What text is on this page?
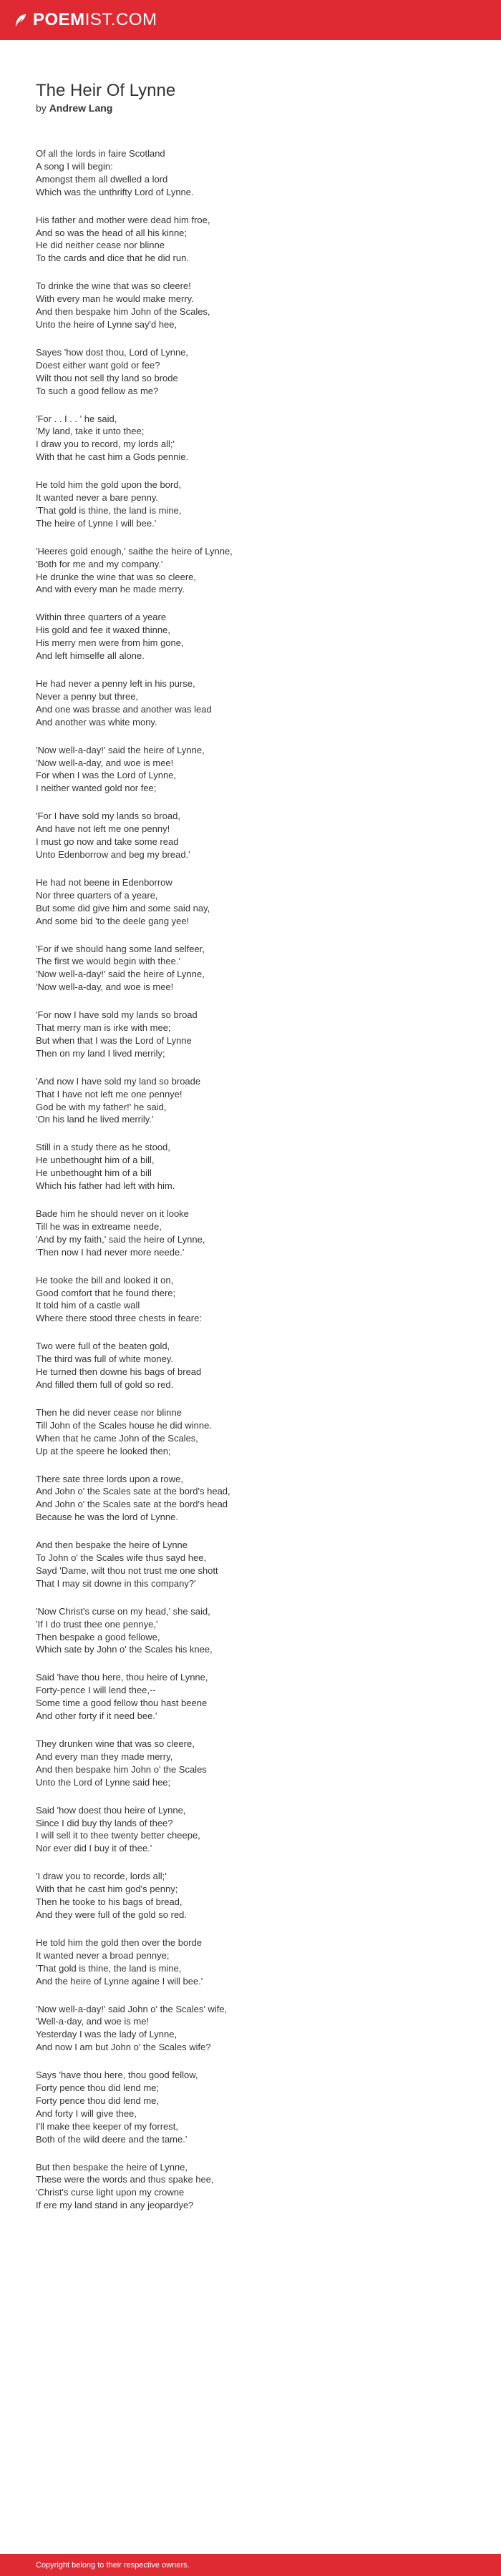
POEM IST.COM
The Heir Of Lynne
by Andrew Lang
Of all the lords in faire Scotland
A song I will begin:
Amongst them all dwelled a lord
Which was the unthrifty Lord of Lynne.
His father and mother were dead him froe,
And so was the head of all his kinne;
He did neither cease nor blinne
To the cards and dice that he did run.
To drinke the wine that was so cleere!
With every man he would make merry.
And then bespake him John of the Scales,
Unto the heire of Lynne say'd hee,
Sayes 'how dost thou, Lord of Lynne,
Doest either want gold or fee?
Wilt thou not sell thy land so brode
To such a good fellow as me?
'For . . I . . ' he said,
'My land, take it unto thee;
I draw you to record, my lords all;'
With that he cast him a Gods pennie.
He told him the gold upon the bord,
It wanted never a bare penny.
'That gold is thine, the land is mine,
The heire of Lynne I will bee.'
'Heeres gold enough,' saithe the heire of Lynne,
'Both for me and my company.'
He drunke the wine that was so cleere,
And with every man he made merry.
Within three quarters of a yeare
His gold and fee it waxed thinne,
His merry men were from him gone,
And left himselfe all alone.
He had never a penny left in his purse,
Never a penny but three,
And one was brasse and another was lead
And another was white mony.
'Now well-a-day!' said the heire of Lynne,
'Now well-a-day, and woe is mee!
For when I was the Lord of Lynne,
I neither wanted gold nor fee;
'For I have sold my lands so broad,
And have not left me one penny!
I must go now and take some read
Unto Edenborrow and beg my bread.'
He had not beene in Edenborrow
Nor three quarters of a yeare,
But some did give him and some said nay,
And some bid 'to the deele gang yee!
'For if we should hang some land selfeer,
The first we would begin with thee.'
'Now well-a-day!' said the heire of Lynne,
'Now well-a-day, and woe is mee!
'For now I have sold my lands so broad
That merry man is irke with mee;
But when that I was the Lord of Lynne
Then on my land I lived merrily;
'And now I have sold my land so broade
That I have not left me one pennye!
God be with my father!' he said,
'On his land he lived merrily.'
Still in a study there as he stood,
He unbethought him of a bill,
He unbethought him of a bill
Which his father had left with him.
Bade him he should never on it looke
Till he was in extreame neede,
'And by my faith,' said the heire of Lynne,
'Then now I had never more neede.'
He tooke the bill and looked it on,
Good comfort that he found there;
It told him of a castle wall
Where there stood three chests in feare:
Two were full of the beaten gold,
The third was full of white money.
He turned then downe his bags of bread
And filled them full of gold so red.
Then he did never cease nor blinne
Till John of the Scales house he did winne.
When that he came John of the Scales,
Up at the speere he looked then;
There sate three lords upon a rowe,
And John o' the Scales sate at the bord's head,
And John o' the Scales sate at the bord's head
Because he was the lord of Lynne.
And then bespake the heire of Lynne
To John o' the Scales wife thus sayd hee,
Sayd 'Dame, wilt thou not trust me one shott
That I may sit downe in this company?'
'Now Christ's curse on my head,' she said,
'If I do trust thee one pennye,'
Then bespake a good fellowe,
Which sate by John o' the Scales his knee,
Said 'have thou here, thou heire of Lynne,
Forty-pence I will lend thee,--
Some time a good fellow thou hast beene
And other forty if it need bee.'
They drunken wine that was so cleere,
And every man they made merry,
And then bespake him John o' the Scales
Unto the Lord of Lynne said hee;
Said 'how doest thou heire of Lynne,
Since I did buy thy lands of thee?
I will sell it to thee twenty better cheepe,
Nor ever did I buy it of thee.'
'I draw you to recorde, lords all;'
With that he cast him god's penny;
Then he tooke to his bags of bread,
And they were full of the gold so red.
He told him the gold then over the borde
It wanted never a broad pennye;
'That gold is thine, the land is mine,
And the heire of Lynne againe I will bee.'
'Now well-a-day!' said John o' the Scales' wife,
'Well-a-day, and woe is me!
Yesterday I was the lady of Lynne,
And now I am but John o' the Scales wife?
Says 'have thou here, thou good fellow,
Forty pence thou did lend me;
Forty pence thou did lend me,
And forty I will give thee,
I'll make thee keeper of my forrest,
Both of the wild deere and the tame.'
But then bespake the heire of Lynne,
These were the words and thus spake hee,
'Christ's curse light upon my crowne
If ere my land stand in any jeopardye?
Copyright belong to their respective owners.
